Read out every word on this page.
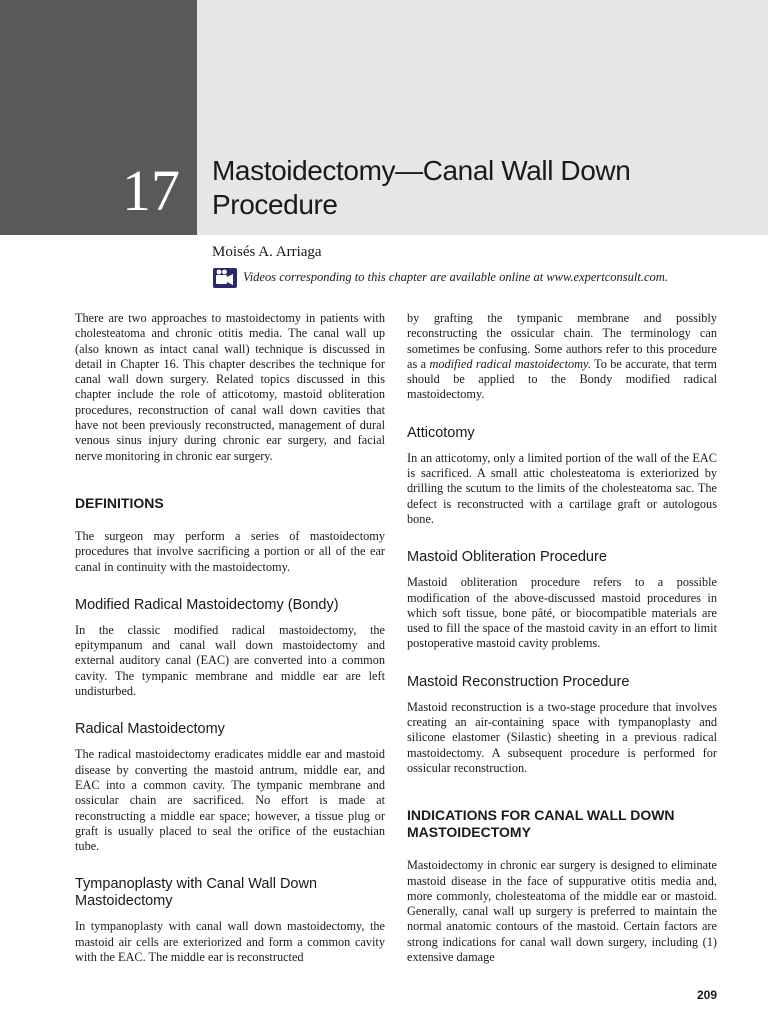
17 Mastoidectomy—Canal Wall Down
Procedure
Moisés A. Arriaga
Videos corresponding to this chapter are available online at www.expertconsult.com.

There are two approaches to mastoidectomy in patients with cholesteatoma and chronic otitis media. The canal wall up (also known as intact canal wall) technique is discussed in detail in Chapter 16. This chapter describes the technique for canal wall down surgery. Related topics discussed in this chapter include the role of atticotomy, mastoid obliteration procedures, reconstruction of canal wall down cavities that have not been previously reconstructed, management of dural venous sinus injury during chronic ear surgery, and facial nerve monitoring in chronic ear surgery.

DEFINITIONS

The surgeon may perform a series of mastoidectomy procedures that involve sacrificing a portion or all of the ear canal in continuity with the mastoidectomy.

Modified Radical Mastoidectomy (Bondy)

In the classic modified radical mastoidectomy, the epitympanum and canal wall down mastoidectomy and external auditory canal (EAC) are converted into a common cavity. The tympanic membrane and middle ear are left undisturbed.

Radical Mastoidectomy

The radical mastoidectomy eradicates middle ear and mastoid disease by converting the mastoid antrum, middle ear, and EAC into a common cavity. The tympanic membrane and ossicular chain are sacrificed. No effort is made at reconstructing a middle ear space; however, a tissue plug or graft is usually placed to seal the orifice of the eustachian tube.

Tympanoplasty with Canal Wall Down Mastoidectomy

In tympanoplasty with canal wall down mastoidectomy, the mastoid air cells are exteriorized and form a common cavity with the EAC. The middle ear is reconstructed

by grafting the tympanic membrane and possibly reconstructing the ossicular chain. The terminology can sometimes be confusing. Some authors refer to this procedure as a modified radical mastoidectomy. To be accurate, that term should be applied to the Bondy modified radical mastoidectomy.

Atticotomy

In an atticotomy, only a limited portion of the wall of the EAC is sacrificed. A small attic cholesteatoma is exteriorized by drilling the scutum to the limits of the cholesteatoma sac. The defect is reconstructed with a cartilage graft or autologous bone.

Mastoid Obliteration Procedure

Mastoid obliteration procedure refers to a possible modification of the above-discussed mastoid procedures in which soft tissue, bone pâté, or biocompatible materials are used to fill the space of the mastoid cavity in an effort to limit postoperative mastoid cavity problems.

Mastoid Reconstruction Procedure

Mastoid reconstruction is a two-stage procedure that involves creating an air-containing space with tympanoplasty and silicone elastomer (Silastic) sheeting in a previous radical mastoidectomy. A subsequent procedure is performed for ossicular reconstruction.

INDICATIONS FOR CANAL WALL DOWN MASTOIDECTOMY

Mastoidectomy in chronic ear surgery is designed to eliminate mastoid disease in the face of suppurative otitis media and, more commonly, cholesteatoma of the middle ear or mastoid. Generally, canal wall up surgery is preferred to maintain the normal anatomic contours of the mastoid. Certain factors are strong indications for canal wall down surgery, including (1) extensive damage

209
